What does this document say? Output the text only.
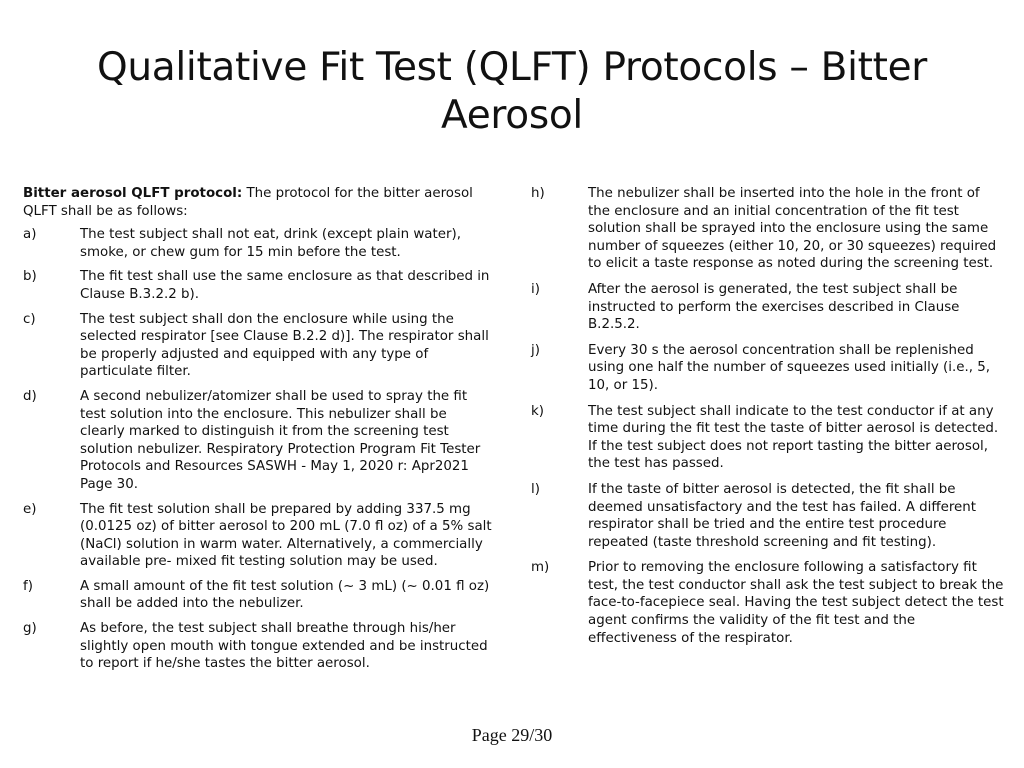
Qualitative Fit Test (QLFT) Protocols – Bitter Aerosol

Bitter aerosol QLFT protocol: The protocol for the bitter aerosol QLFT shall be as follows:

a)	The test subject shall not eat, drink (except plain water), smoke, or chew gum for 15 min before the test.
b)	The fit test shall use the same enclosure as that described in Clause B.3.2.2 b).
c)	The test subject shall don the enclosure while using the selected respirator [see Clause B.2.2 d)]. The respirator shall be properly adjusted and equipped with any type of particulate filter.
d)	A second nebulizer/atomizer shall be used to spray the fit test solution into the enclosure. This nebulizer shall be clearly marked to distinguish it from the screening test solution nebulizer. Respiratory Protection Program Fit Tester Protocols and Resources SASWH - May 1, 2020 r: Apr2021 Page 30.
e)	The fit test solution shall be prepared by adding 337.5 mg (0.0125 oz) of bitter aerosol to 200 mL (7.0 fl oz) of a 5% salt (NaCl) solution in warm water. Alternatively, a commercially available pre- mixed fit testing solution may be used.
f)	A small amount of the fit test solution (~ 3 mL) (~ 0.01 fl oz) shall be added into the nebulizer.
g)	As before, the test subject shall breathe through his/her slightly open mouth with tongue extended and be instructed to report if he/she tastes the bitter aerosol.
h)	The nebulizer shall be inserted into the hole in the front of the enclosure and an initial concentration of the fit test solution shall be sprayed into the enclosure using the same number of squeezes (either 10, 20, or 30 squeezes) required to elicit a taste response as noted during the screening test.
i)	After the aerosol is generated, the test subject shall be instructed to perform the exercises described in Clause B.2.5.2.
j)	Every 30 s the aerosol concentration shall be replenished using one half the number of squeezes used initially (i.e., 5, 10, or 15).
k)	The test subject shall indicate to the test conductor if at any time during the fit test the taste of bitter aerosol is detected. If the test subject does not report tasting the bitter aerosol, the test has passed.
l)	If the taste of bitter aerosol is detected, the fit shall be deemed unsatisfactory and the test has failed. A different respirator shall be tried and the entire test procedure repeated (taste threshold screening and fit testing).
m)	Prior to removing the enclosure following a satisfactory fit test, the test conductor shall ask the test subject to break the face-to-facepiece seal. Having the test subject detect the test agent confirms the validity of the fit test and the effectiveness of the respirator.
Page 29/30
